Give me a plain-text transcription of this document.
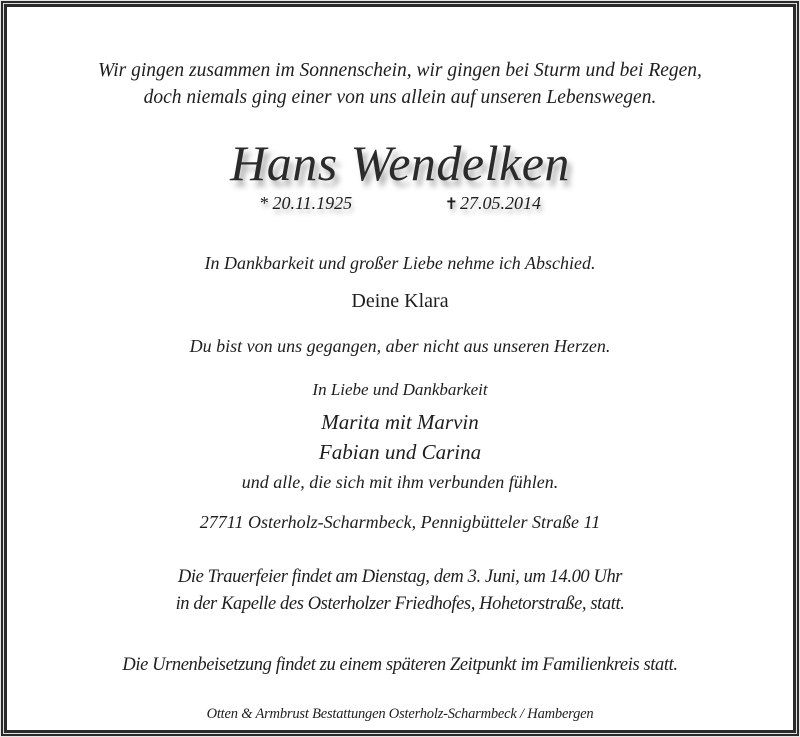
Wir gingen zusammen im Sonnenschein, wir gingen bei Sturm und bei Regen,
doch niemals ging einer von uns allein auf unseren Lebenswegen.
Hans Wendelken
* 20.11.1925	✝ 27.05.2014
In Dankbarkeit und großer Liebe nehme ich Abschied.
Deine Klara
Du bist von uns gegangen, aber nicht aus unseren Herzen.
In Liebe und Dankbarkeit
Marita mit Marvin
Fabian und Carina
und alle, die sich mit ihm verbunden fühlen.
27711 Osterholz-Scharmbeck, Pennigbütteler Straße 11
Die Trauerfeier findet am Dienstag, dem 3. Juni, um 14.00 Uhr
in der Kapelle des Osterholzer Friedhofes, Hohetorstraße, statt.
Die Urnenbeisetzung findet zu einem späteren Zeitpunkt im Familienkreis statt.
Otten & Armbrust Bestattungen Osterholz-Scharmbeck / Hambergen
